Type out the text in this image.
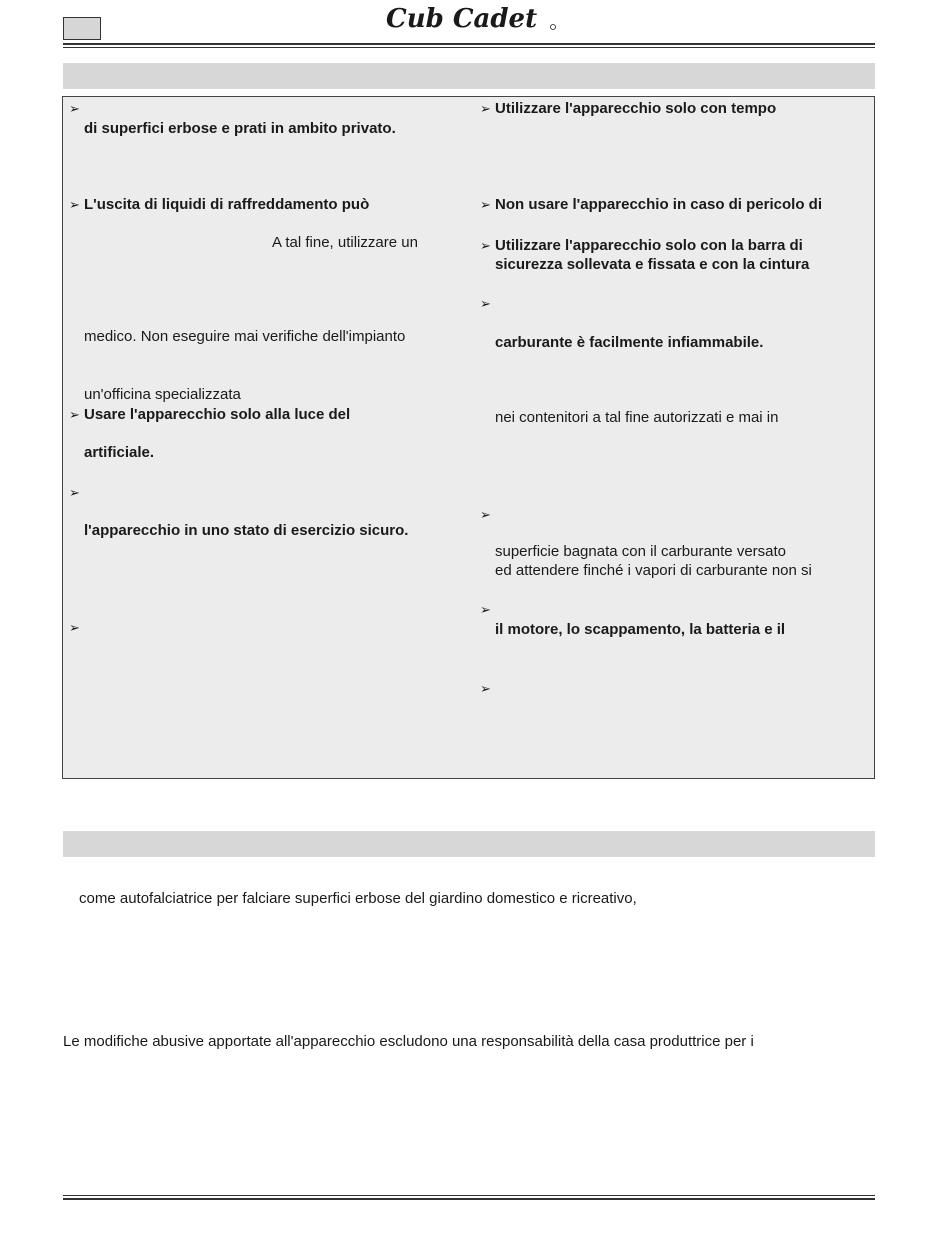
Cub Cadet
➢
di superfici erbose e prati in ambito privato.
➢ L'uscita di liquidi di raffreddamento può
A tal fine, utilizzare un
medico. Non eseguire mai verifiche dell'impianto
un'officina specializzata
➢ Usare l'apparecchio solo alla luce del
artificiale.
➢
l'apparecchio in uno stato di esercizio sicuro.
➢
➢ Utilizzare l'apparecchio solo con tempo
➢ Non usare l'apparecchio in caso di pericolo di
➢ Utilizzare l'apparecchio solo con la barra di
sicurezza sollevata e fissata e con la cintura
➢
carburante è facilmente infiammabile.
nei contenitori a tal fine autorizzati e mai in
➢
superficie bagnata con il carburante versato
ed attendere finché i vapori di carburante non si
➢
il motore, lo scappamento, la batteria e il
➢
come autofalciatrice per falciare superfici erbose del giardino domestico e ricreativo,
Le modifiche abusive apportate all'apparecchio escludono una responsabilità della casa produttrice per i
